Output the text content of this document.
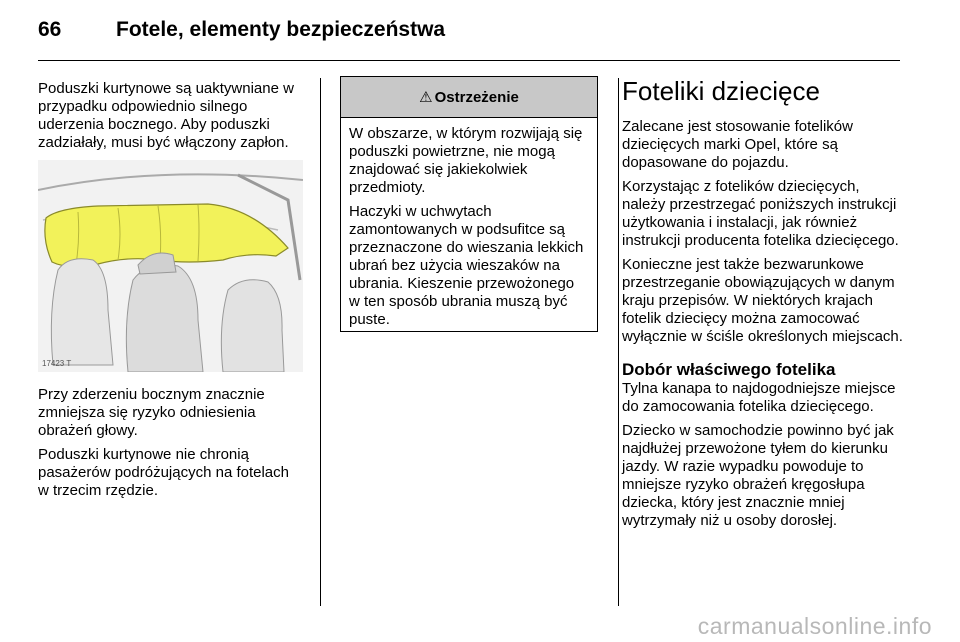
66	Fotele, elementy bezpieczeństwa

Poduszki kurtynowe są uaktywniane w przypadku odpowiednio silnego uderzenia bocznego. Aby poduszki zadziałały, musi być włączony zapłon.

17423 T

Przy zderzeniu bocznym znacznie zmniejsza się ryzyko odniesienia obrażeń głowy.

Poduszki kurtynowe nie chronią pasażerów podróżujących na fotelach w trzecim rzędzie.

⚠ Ostrzeżenie

W obszarze, w którym rozwijają się poduszki powietrzne, nie mogą znajdować się jakiekolwiek przedmioty.

Haczyki w uchwytach zamontowanych w podsufitce są przeznaczone do wieszania lekkich ubrań bez użycia wieszaków na ubrania. Kieszenie przewożonego w ten sposób ubrania muszą być puste.

Foteliki dziecięce

Zalecane jest stosowanie fotelików dziecięcych marki Opel, które są dopasowane do pojazdu.

Korzystając z fotelików dziecięcych, należy przestrzegać poniższych instrukcji użytkowania i instalacji, jak również instrukcji producenta fotelika dziecięcego.

Konieczne jest także bezwarunkowe przestrzeganie obowiązujących w danym kraju przepisów. W niektórych krajach fotelik dziecięcy można zamocować wyłącznie w ściśle określonych miejscach.

Dobór właściwego fotelika

Tylna kanapa to najdogodniejsze miejsce do zamocowania fotelika dziecięcego.

Dziecko w samochodzie powinno być jak najdłużej przewożone tyłem do kierunku jazdy. W razie wypadku powoduje to mniejsze ryzyko obrażeń kręgosłupa dziecka, który jest znacznie mniej wytrzymały niż u osoby dorosłej.

carmanualsonline.info
